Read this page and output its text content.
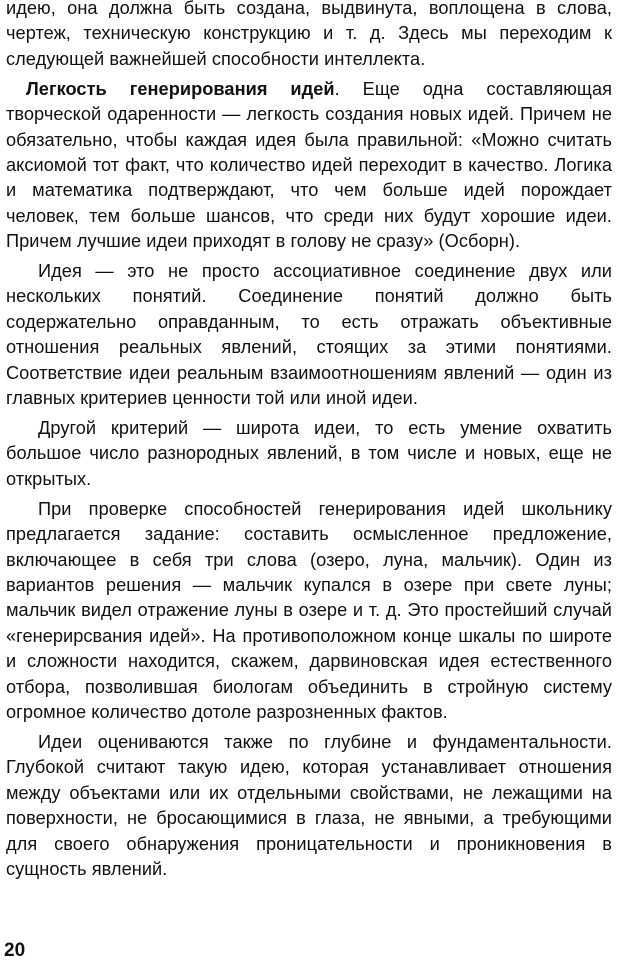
идею, она должна быть создана, выдвинута, воплощена в слова, чертеж, техническую конструкцию и т. д. Здесь мы переходим к следующей важнейшей способности интеллекта.

Легкость генерирования идей. Еще одна составляющая творческой одаренности — легкость создания новых идей. Причем не обязательно, чтобы каждая идея была правильной: «Можно считать аксиомой тот факт, что количество идей переходит в качество. Логика и математика подтверждают, что чем больше идей порождает человек, тем больше шансов, что среди них будут хорошие идеи. Причем лучшие идеи приходят в голову не сразу» (Осборн).

Идея — это не просто ассоциативное соединение двух или нескольких понятий. Соединение понятий должно быть содержательно оправданным, то есть отражать объективные отношения реальных явлений, стоящих за этими понятиями. Соответствие идеи реальным взаимоотношениям явлений — один из главных критериев ценности той или иной идеи.

Другой критерий — широта идеи, то есть умение охватить большое число разнородных явлений, в том числе и новых, еще не открытых.

При проверке способностей генерирования идей школьнику предлагается задание: составить осмысленное предложение, включающее в себя три слова (озеро, луна, мальчик). Один из вариантов решения — мальчик купался в озере при свете луны; мальчик видел отражение луны в озере и т. д. Это простейший случай «генерирсвания идей». На противоположном конце шкалы по широте и сложности находится, скажем, дарвиновская идея естественного отбора, позволившая биологам объединить в стройную систему огромное количество дотоле разрозненных фактов.

Идеи оцениваются также по глубине и фундаментальности. Глубокой считают такую идею, которая устанавливает отношения между объектами или их отдельными свойствами, не лежащими на поверхности, не бросающимися в глаза, не явными, а требующими для своего обнаружения проницательности и проникновения в сущность явлений.

20
